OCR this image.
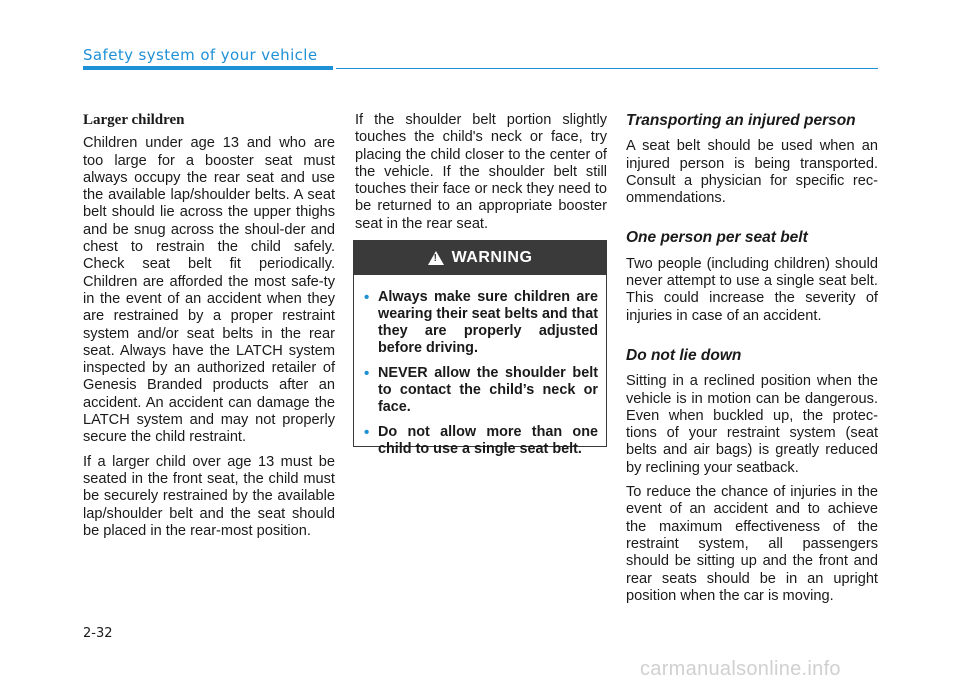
Safety system of your vehicle
Larger children

Children under age 13 and who are too large for a booster seat must always occupy the rear seat and use the available lap/shoulder belts. A seat belt should lie across the upper thighs and be snug across the shoul-der and chest to restrain the child safely. Check seat belt fit periodically. Children are afforded the most safe-ty in the event of an accident when they are restrained by a proper restraint system and/or seat belts in the rear seat. Always have the LATCH system inspected by an authorized retailer of Genesis Branded products after an accident. An accident can damage the LATCH system and may not properly secure the child restraint.

If a larger child over age 13 must be seated in the front seat, the child must be securely restrained by the available lap/shoulder belt and the seat should be placed in the rear-most position.

If the shoulder belt portion slightly touches the child's neck or face, try placing the child closer to the center of the vehicle. If the shoulder belt still touches their face or neck they need to be returned to an appropriate booster seat in the rear seat.

!
WARNING
• Always make sure children are wearing their seat belts and that they are properly adjusted before driving.
• NEVER allow the shoulder belt to contact the child’s neck or face.
• Do not allow more than one child to use a single seat belt.
Transporting an injured person

A seat belt should be used when an injured person is being transported. Consult a physician for specific rec-ommendations.

One person per seat belt

Two people (including children) should never attempt to use a single seat belt. This could increase the severity of injuries in case of an accident.

Do not lie down

Sitting in a reclined position when the vehicle is in motion can be dangerous. Even when buckled up, the protec-tions of your restraint system (seat belts and air bags) is greatly reduced by reclining your seatback.

To reduce the chance of injuries in the event of an accident and to achieve the maximum effectiveness of the restraint system, all passengers should be sitting up and the front and rear seats should be in an upright position when the car is moving.

2-32
carmanualsonline.info
